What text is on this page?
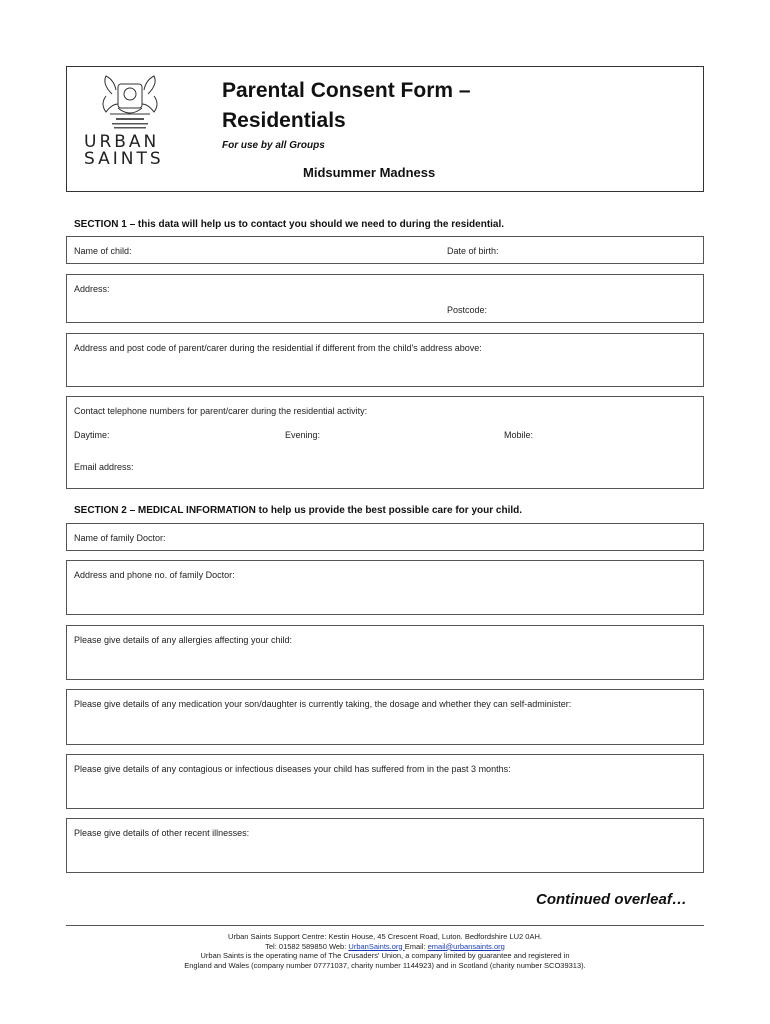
URBAN
SAINTS
Parental Consent Form –
Residentials
For use by all Groups
Midsummer Madness
SECTION 1 – this data will help us to contact you should we need to during the residential.
Name of child:	Date of birth:
Address:
Postcode:
Address and post code of parent/carer during the residential if different from the child's address above:
Contact telephone numbers for parent/carer during the residential activity:
Daytime:	Evening:	Mobile:
Email address:
SECTION 2 – MEDICAL INFORMATION to help us provide the best possible care for your child.
Name of family Doctor:
Address and phone no. of family Doctor:
Please give details of any allergies affecting your child:
Please give details of any medication your son/daughter is currently taking, the dosage and whether they can self-administer:
Please give details of any contagious or infectious diseases your child has suffered from in the past 3 months:
Please give details of other recent illnesses:
Continued overleaf…
Urban Saints Support Centre: Kestin House, 45 Crescent Road, Luton. Bedfordshire LU2 0AH.
Tel: 01582 589850 Web: UrbanSaints.org Email: email@urbansaints.org
Urban Saints is the operating name of The Crusaders' Union, a company limited by guarantee and registered in
England and Wales (company number 07771037, charity number 1144923) and in Scotland (charity number SCO39313).
